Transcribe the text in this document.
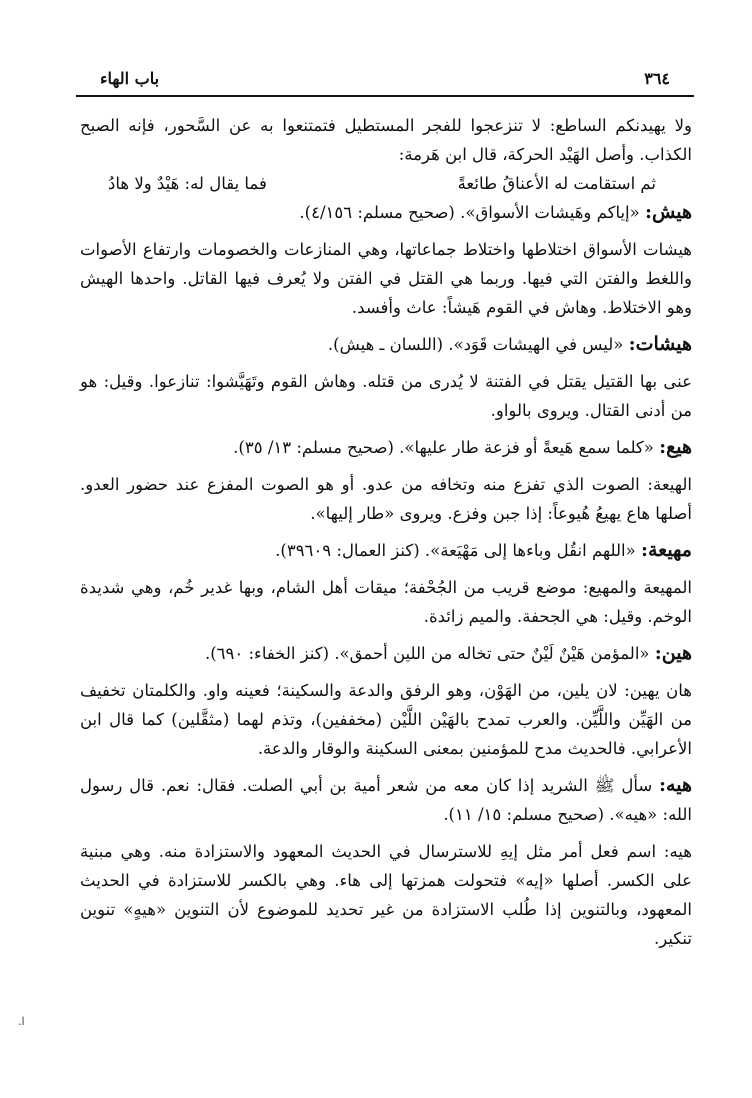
٣٦٤
باب الهاء

ولا يهيدنكم الساطع: لا تنزعجوا للفجر المستطيل فتمتنعوا به عن السَّحور، فإنه الصبح الكذاب. وأصل الهَيْد الحركة، قال ابن هَرمة:

ثم استقامت له الأعناقُ طائعةً
فما يقال له: هَيْدٌ ولا هادُ

هيش: «إياكم وهَيشات الأسواق». (صحيح مسلم: ٤/١٥٦).

هيشات الأسواق اختلاطها واختلاط جماعاتها، وهي المنازعات والخصومات وارتفاع الأصوات واللغط والفتن التي فيها. وربما هي القتل في الفتن ولا يُعرف فيها القاتل. واحدها الهيش وهو الاختلاط. وهاش في القوم هَيشاً: عاث وأفسد.

هيشات: «ليس في الهيشات قَوَد». (اللسان ـ هيش).

عنى بها القتيل يقتل في الفتنة لا يُدرى من قتله. وهاش القوم وتَهَيَّشوا: تنازعوا. وقيل: هو من أدنى القتال. ويروى بالواو.

هيع: «كلما سمع هَيعةً أو فزعة طار عليها». (صحيح مسلم: ١٣/ ٣٥).

الهيعة: الصوت الذي تفزع منه وتخافه من عدو. أو هو الصوت المفزع عند حضور العدو. أصلها هاع يهيعُ هُيوعاً: إذا جبن وفزع. ويروى «طار إليها».

مهيعة: «اللهم انقُل وباءها إلى مَهْيَعة». (كنز العمال: ٣٩٦٠٩).

المهيعة والمهيع: موضع قريب من الجُحْفة؛ ميقات أهل الشام، وبها غدير خُم، وهي شديدة الوخم. وقيل: هي الجحفة. والميم زائدة.

هين: «المؤمن هَيْنٌ لَيْنٌ حتى تخاله من اللين أحمق». (كنز الخفاء: ٦٩٠).

هان يهين: لان يلين، من الهَوْن، وهو الرفق والدعة والسكينة؛ فعينه واو. والكلمتان تخفيف من الهَيِّن واللَّيِّن. والعرب تمدح بالهَيْن اللَّيْن (مخففين)، وتذم لهما (مثقَّلين) كما قال ابن الأعرابي. فالحديث مدح للمؤمنين بمعنى السكينة والوقار والدعة.

هيه: سأل ﷺ الشريد إذا كان معه من شعر أمية بن أبي الصلت. فقال: نعم. قال رسول الله: «هيه». (صحيح مسلم: ١٥/ ١١).

هيه: اسم فعل أمر مثل إيهِ للاسترسال في الحديث المعهود والاستزادة منه. وهي مبنية على الكسر. أصلها «إيه» فتحولت همزتها إلى هاء. وهي بالكسر للاستزادة في الحديث المعهود، وبالتنوين إذا طُلب الاستزادة من غير تحديد للموضوع لأن التنوين «هيهٍ» تنوين تنكير.

ا.
